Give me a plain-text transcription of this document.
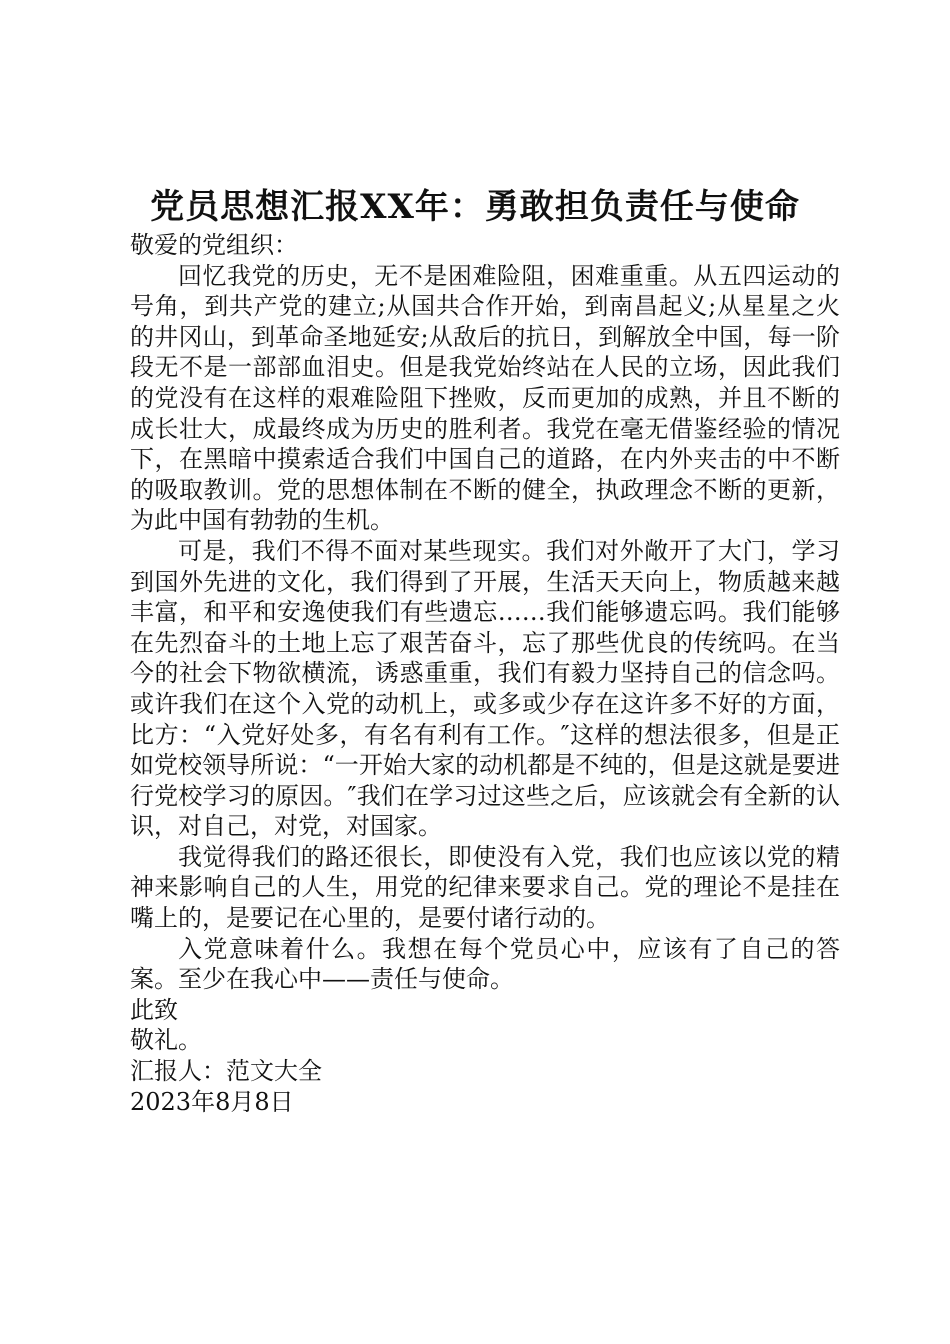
党员思想汇报XX年：勇敢担负责任与使命

敬爱的党组织：

回忆我党的历史，无不是困难险阻，困难重重。从五四运动的号角，到共产党的建立;从国共合作开始，到南昌起义;从星星之火的井冈山，到革命圣地延安;从敌后的抗日，到解放全中国，每一阶段无不是一部部血泪史。但是我党始终站在人民的立场，因此我们的党没有在这样的艰难险阻下挫败，反而更加的成熟，并且不断的成长壮大，成最终成为历史的胜利者。我党在毫无借鉴经验的情况下，在黑暗中摸索适合我们中国自己的道路，在内外夹击的中不断的吸取教训。党的思想体制在不断的健全，执政理念不断的更新，为此中国有勃勃的生机。

可是，我们不得不面对某些现实。我们对外敞开了大门，学习到国外先进的文化，我们得到了开展，生活天天向上，物质越来越丰富，和平和安逸使我们有些遗忘……我们能够遗忘吗。我们能够在先烈奋斗的土地上忘了艰苦奋斗，忘了那些优良的传统吗。在当今的社会下物欲横流，诱惑重重，我们有毅力坚持自己的信念吗。或许我们在这个入党的动机上，或多或少存在这许多不好的方面，比方：“入党好处多，有名有利有工作。″这样的想法很多，但是正如党校领导所说：“一开始大家的动机都是不纯的，但是这就是要进行党校学习的原因。″我们在学习过这些之后，应该就会有全新的认识，对自己，对党，对国家。

我觉得我们的路还很长，即使没有入党，我们也应该以党的精神来影响自己的人生，用党的纪律来要求自己。党的理论不是挂在嘴上的，是要记在心里的，是要付诸行动的。

入党意味着什么。我想在每个党员心中，应该有了自己的答案。至少在我心中——责任与使命。

此致

敬礼。

汇报人：范文大全

2023年8月8日
